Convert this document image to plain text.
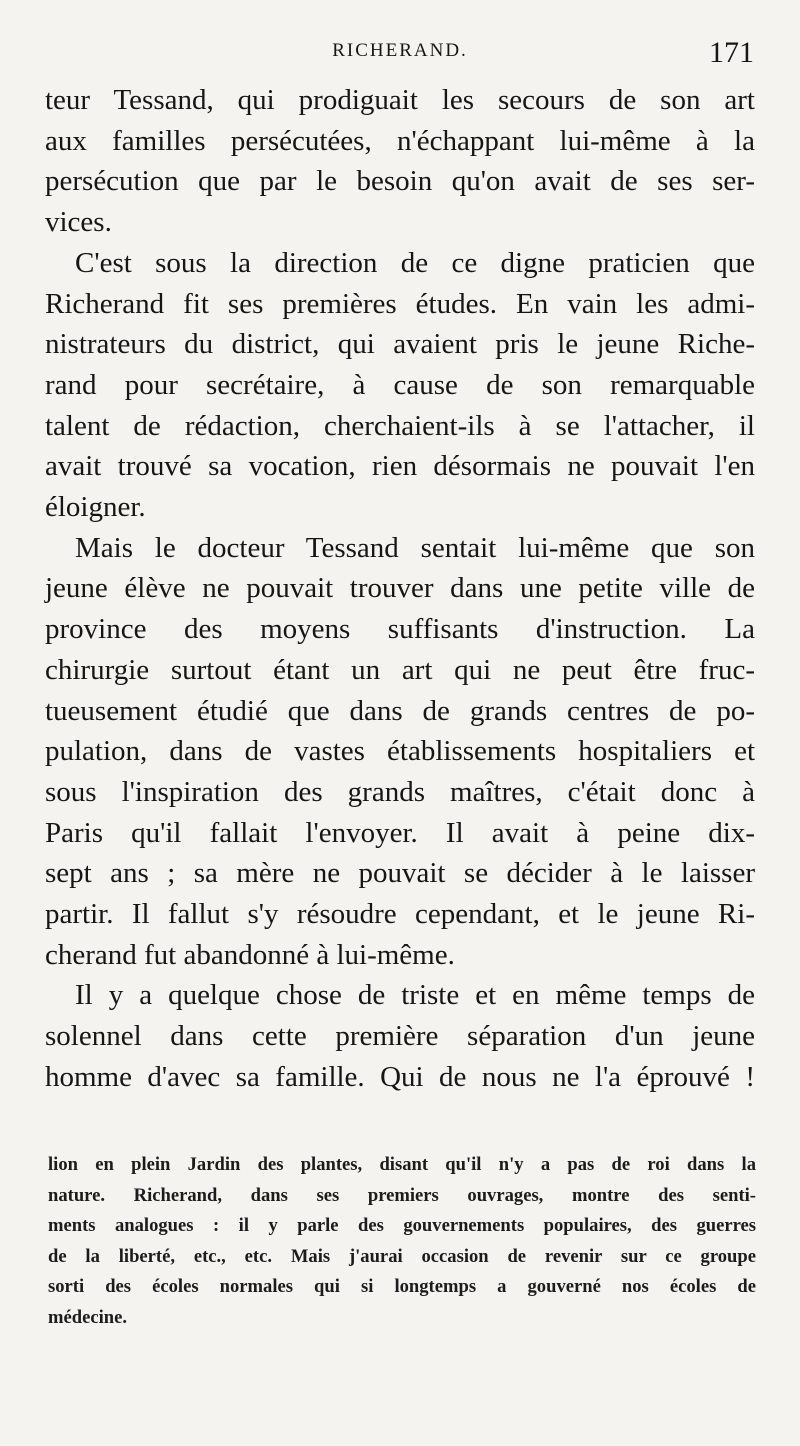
RICHERAND.	171
teur Tessand, qui prodiguait les secours de son art
aux familles persécutées, n'échappant lui-même à la
persécution que par le besoin qu'on avait de ses ser-
vices.
C'est sous la direction de ce digne praticien que
Richerand fit ses premières études. En vain les admi-
nistrateurs du district, qui avaient pris le jeune Riche-
rand pour secrétaire, à cause de son remarquable
talent de rédaction, cherchaient-ils à se l'attacher, il
avait trouvé sa vocation, rien désormais ne pouvait l'en
éloigner.
Mais le docteur Tessand sentait lui-même que son
jeune élève ne pouvait trouver dans une petite ville de
province des moyens suffisants d'instruction. La
chirurgie surtout étant un art qui ne peut être fruc-
tueusement étudié que dans de grands centres de po-
pulation, dans de vastes établissements hospitaliers et
sous l'inspiration des grands maîtres, c'était donc à
Paris qu'il fallait l'envoyer. Il avait à peine dix-
sept ans ; sa mère ne pouvait se décider à le laisser
partir. Il fallut s'y résoudre cependant, et le jeune Ri-
cherand fut abandonné à lui-même.
Il y a quelque chose de triste et en même temps de
solennel dans cette première séparation d'un jeune
homme d'avec sa famille. Qui de nous ne l'a éprouvé !
lion en plein Jardin des plantes, disant qu'il n'y a pas de roi dans la
nature. Richerand, dans ses premiers ouvrages, montre des senti-
ments analogues : il y parle des gouvernements populaires, des guerres
de la liberté, etc., etc. Mais j'aurai occasion de revenir sur ce groupe
sorti des écoles normales qui si longtemps a gouverné nos écoles de
médecine.
